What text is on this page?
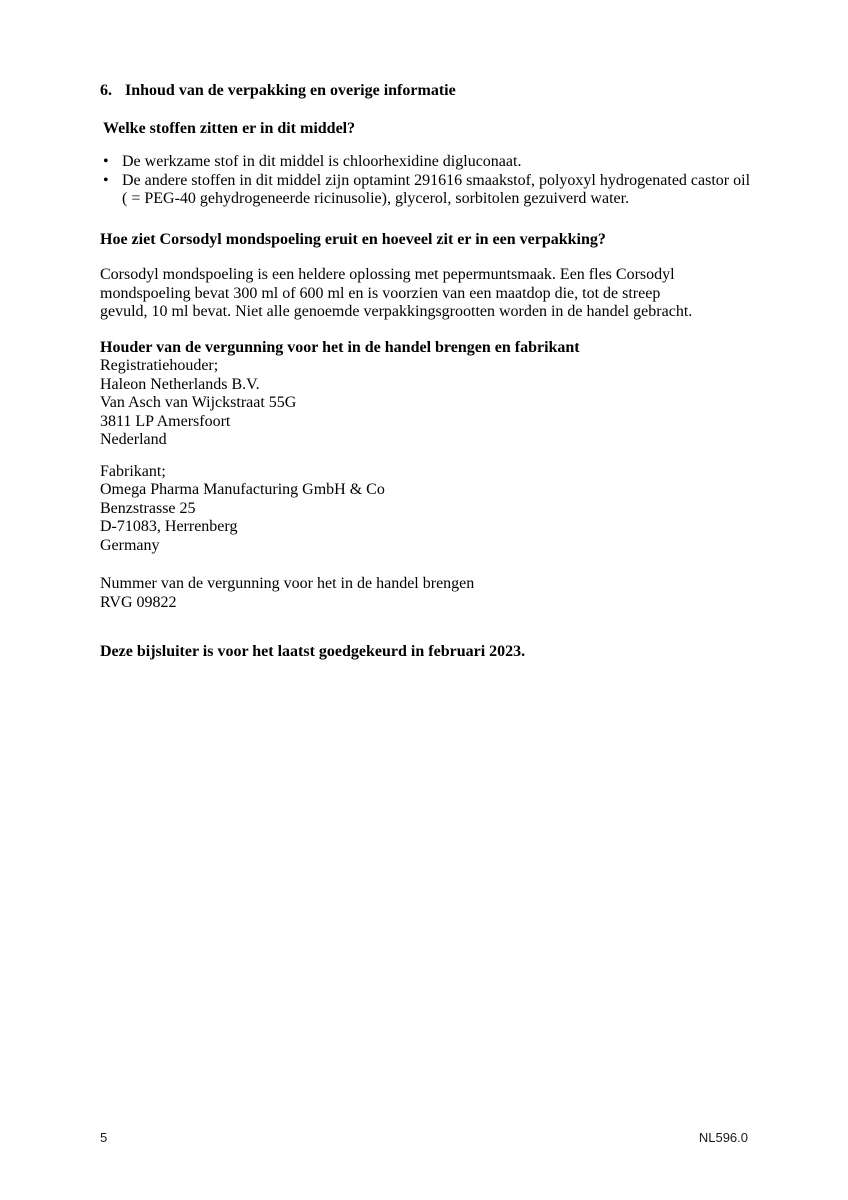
6. Inhoud van de verpakking en overige informatie
Welke stoffen zitten er in dit middel?
• De werkzame stof in dit middel is chloorhexidine digluconaat.
• De andere stoffen in dit middel zijn optamint 291616 smaakstof, polyoxyl hydrogenated castor oil
( = PEG-40 gehydrogeneerde ricinusolie), glycerol, sorbitolen gezuiverd water.
Hoe ziet Corsodyl mondspoeling eruit en hoeveel zit er in een verpakking?
Corsodyl mondspoeling is een heldere oplossing met pepermuntsmaak. Een fles Corsodyl
mondspoeling bevat 300 ml of 600 ml en is voorzien van een maatdop die, tot de streep
gevuld, 10 ml bevat. Niet alle genoemde verpakkingsgrootten worden in de handel gebracht.
Houder van de vergunning voor het in de handel brengen en fabrikant
Registratiehouder;
Haleon Netherlands B.V.
Van Asch van Wijckstraat 55G
3811 LP Amersfoort
Nederland
Fabrikant;
Omega Pharma Manufacturing GmbH & Co
Benzstrasse 25
D-71083, Herrenberg
Germany
Nummer van de vergunning voor het in de handel brengen
RVG 09822
Deze bijsluiter is voor het laatst goedgekeurd in februari 2023.
5	NL596.0
